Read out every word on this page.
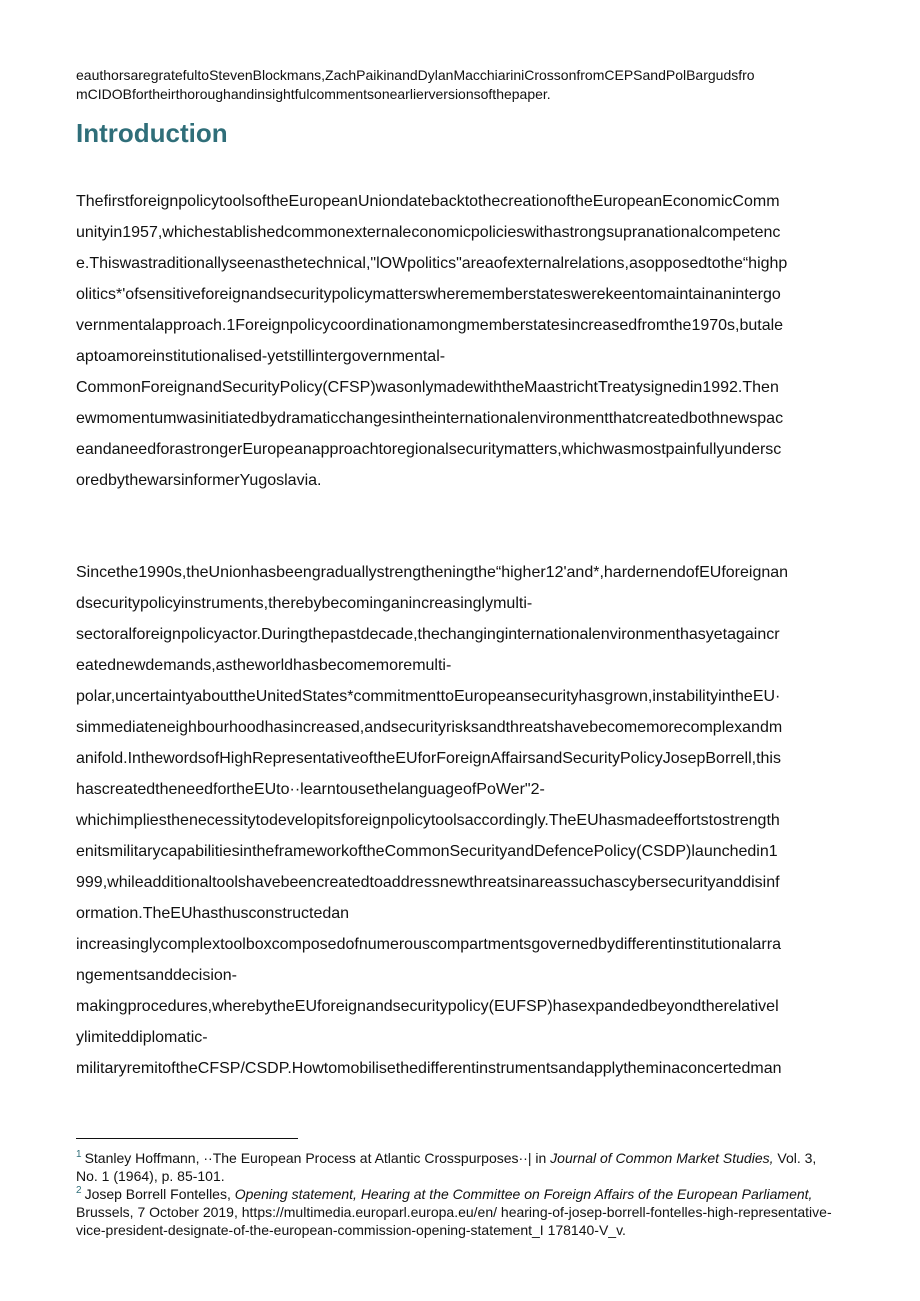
eauthorsaregratefultoStevenBlockmans,ZachPaikinandDylanMacchiariniCrossonfromCEPSandPolBargudsfro
mCIDOBfortheirthoroughandinsightfulcommentsonearlierversionsofthepaper.
Introduction
ThefirstforeignpolicytoolsoftheEuropeanUniondatebacktothecreationoftheEuropeanEconomicComm
unityin1957,whichestablishedcommonexternaleconomicpolicieswithastrongsupranationalcompetenc
e.Thiswastraditionallyseenasthetechnical,"lOWpolitics"areaofexternalrelations,asopposedtothe“highp
olitics*'ofsensitiveforeignandsecuritypolicymatterswherememberstateswerekeentomaintainanintergo
vernmentalapproach.1Foreignpolicycoordinationamongmemberstatesincreasedfromthe1970s,butale
aptoamoreinstitutionalised-yetstillintergovernmental-
CommonForeignandSecurityPolicy(CFSP)wasonlymadewiththeMaastrichtTreatysignedin1992.Then
ewmomentumwasinitiatedbydramaticchangesintheinternationalenvironmentthatcreatedbothnewspac
eandaneedforastrongerEuropeanapproachtoregionalsecuritymatters,whichwasmostpainfullyundersc
oredbythewarsinformerYugoslavia.
Sincethe1990s,theUnionhasbeengraduallystrengtheningthe“higher12'and*,hardernendofEUforeignan
dsecuritypolicyinstruments,therebybecominganincreasinglymulti-
sectoralforeignpolicyactor.Duringthepastdecade,thechanginginternationalenvironmenthasyetagaincr
eatednewdemands,astheworldhasbecomemoremulti-
polar,uncertaintyabouttheUnitedStates*commitmenttoEuropeansecurityhasgrown,instabilityintheEU·
simmediateneighbourhoodhasincreased,andsecurityrisksandthreatshavebecomemorecomplexandm
anifold.InthewordsofHighRepresentativeoftheEUforForeignAffairsandSecurityPolicyJosepBorrell,this
hascreatedtheneedfortheEUto··learntousethelanguageofPoWer"2-
whichimpliesthenecessitytodevelopitsforeignpolicytoolsaccordingly.TheEUhasmadeeffortstostrength
enitsmilitarycapabilitiesintheframeworkoftheCommonSecurityandDefencePolicy(CSDP)launchedin1
999,whileadditionaltoolshavebeencreatedtoaddressnewthreatsinareassuchascybersecurityanddisinf
ormation.TheEUhasthusconstructedan
increasinglycomplextoolboxcomposedofnumerouscompartmentsgovernedbydifferentinstitutionalarra
ngementsanddecision-
makingprocedures,wherebytheEUforeignandsecuritypolicy(EUFSP)hasexpandedbeyondtherelativel
ylimiteddiplomatic-
militaryremitoftheCFSP/CSDP.Howtomobilisethedifferentinstrumentsandapplytheminaconcertedman
$^1$ Stanley Hoffmann, ··The European Process at Atlantic Crosspurposes··| in Journal of Common Market Studies, Vol. 3, No. 1 (1964), p. 85-101.
$^2$ Josep Borrell Fontelles, Opening statement, Hearing at the Committee on Foreign Affairs of the European Parliament, Brussels, 7 October 2019, https://multimedia.europarl.europa.eu/en/ hearing-of-josep-borrell-fontelles-high-representative-vice-president-designate-of-the-european-commission-opening-statement_I 178140-V_v.
